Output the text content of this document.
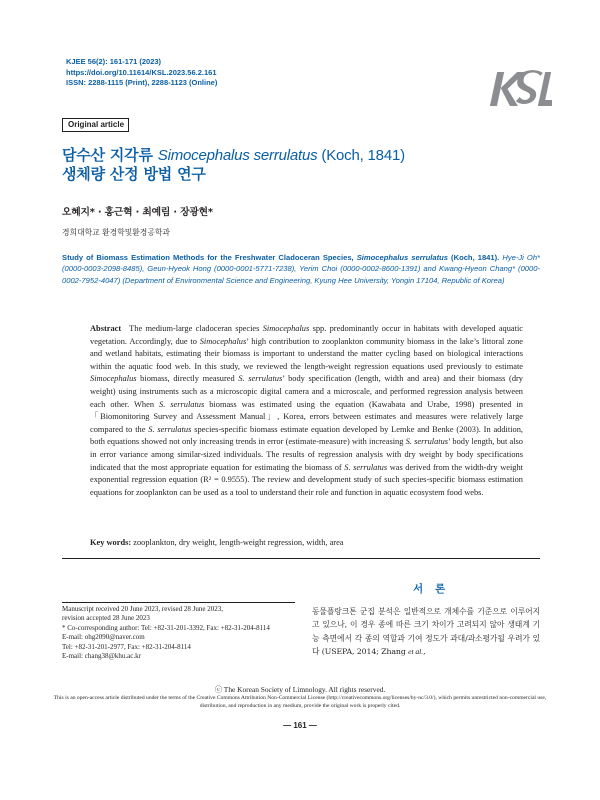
KJEE 56(2): 161-171 (2023)
https://doi.org/10.11614/KSL.2023.56.2.161
ISSN: 2288-1115 (Print), 2288-1123 (Online)
Original article
담수산 지각류 Simocephalus serrulatus (Koch, 1841)
생체량 산정 방법 연구
오혜지* · 홍근혁 · 최예림 · 장광현*
경희대학교 환경학및환경공학과
Study of Biomass Estimation Methods for the Freshwater Cladoceran Species, Simocephalus serrulatus (Koch, 1841). Hye-Ji Oh* (0000-0003-2098-8485), Geun-Hyeok Hong (0000-0001-5771-7238), Yerim Choi (0000-0002-8600-1391) and Kwang-Hyeon Chang* (0000-0002-7952-4047) (Department of Environmental Science and Engineering, Kyung Hee University, Yongin 17104, Republic of Korea)
Abstract The medium-large cladoceran species Simocephalus spp. predominantly occur in habitats with developed aquatic vegetation. Accordingly, due to Simocephalus’ high contribution to zooplankton community biomass in the lake’s littoral zone and wetland habitats, estimating their biomass is important to understand the matter cycling based on biological interactions within the aquatic food web. In this study, we reviewed the length-weight regression equations used previously to estimate Simocephalus biomass, directly measured S. serrulatus’ body specification (length, width and area) and their biomass (dry weight) using instruments such as a microscopic digital camera and a microscale, and performed regression analysis between each other. When S. serrulatus biomass was estimated using the equation (Kawabata and Urabe, 1998) presented in 「Biomonitoring Survey and Assessment Manual」, Korea, errors between estimates and measures were relatively large compared to the S. serrulatus species-specific biomass estimate equation developed by Lemke and Benke (2003). In addition, both equations showed not only increasing trends in error (estimate-measure) with increasing S. serrulatus’ body length, but also in error variance among similar-sized individuals. The results of regression analysis with dry weight by body specifications indicated that the most appropriate equation for estimating the biomass of S. serrulatus was derived from the width-dry weight exponential regression equation (R² = 0.9555). The review and development study of such species-specific biomass estimation equations for zooplankton can be used as a tool to understand their role and function in aquatic ecosystem food webs.
Key words: zooplankton, dry weight, length-weight regression, width, area
서론
Manuscript received 20 June 2023, revised 28 June 2023,
revision accepted 28 June 2023
* Co-corresponding author: Tel: +82-31-201-3392, Fax: +82-31-204-8114
E-mail: ohg2090@naver.com
Tel: +82-31-201-2977, Fax: +82-31-204-8114
E-mail: chang38@khu.ac.kr
동물플랑크톤 군집 분석은 일반적으로 개체수를 기준으로 이루어지고 있으나, 이 경우 종에 따른 크기 차이가 고려되지 않아 생태계 기능 측면에서 각 종의 역할과 기여 정도가 과대/과소평가될 우려가 있다 (USEPA, 2014; Zhang et al.,
ⓒ The Korean Society of Limnology. All rights reserved.
This is an open-access article distributed under the terms of the Creative Commons Attribution Non-Commercial License (http://creativecommons.org/licenses/by-nc/3.0/), which permits unrestricted non-commercial use, distribution, and reproduction in any medium, provide the original work is properly cited.
— 161 —
